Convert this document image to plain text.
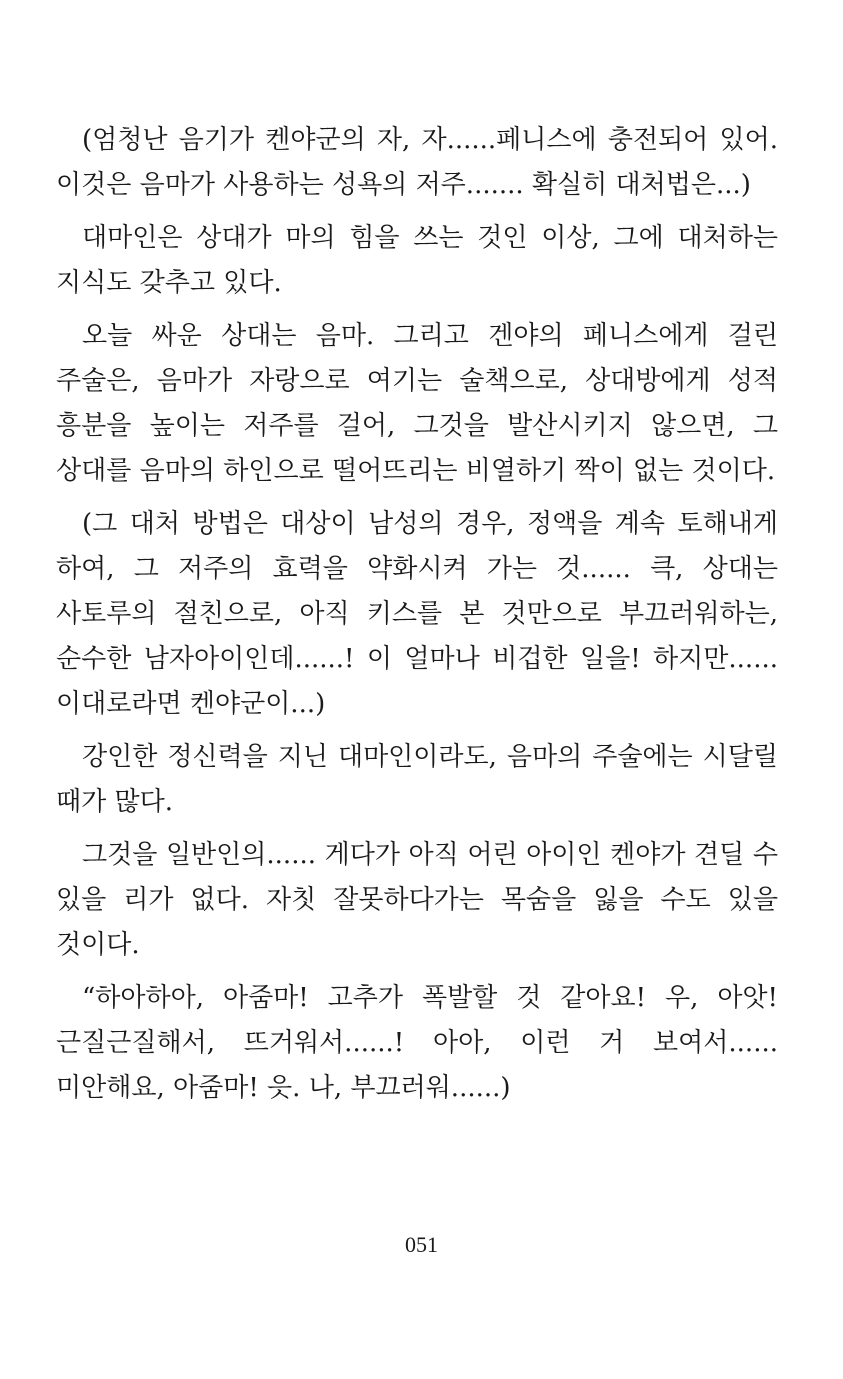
(엄청난 음기가 켄야군의 자, 자......페니스에 충전되어 있어. 이것은 음마가 사용하는 성욕의 저주....... 확실히 대처법은...)

대마인은 상대가 마의 힘을 쓰는 것인 이상, 그에 대처하는 지식도 갖추고 있다.

오늘 싸운 상대는 음마. 그리고 겐야의 페니스에게 걸린 주술은, 음마가 자랑으로 여기는 술책으로, 상대방에게 성적 흥분을 높이는 저주를 걸어, 그것을 발산시키지 않으면, 그 상대를 음마의 하인으로 떨어뜨리는 비열하기 짝이 없는 것이다.

(그 대처 방법은 대상이 남성의 경우, 정액을 계속 토해내게 하여, 그 저주의 효력을 약화시켜 가는 것...... 큭, 상대는 사토루의 절친으로, 아직 키스를 본 것만으로 부끄러워하는, 순수한 남자아이인데......! 이 얼마나 비겁한 일을! 하지만...... 이대로라면 켄야군이...)

강인한 정신력을 지닌 대마인이라도, 음마의 주술에는 시달릴 때가 많다.

그것을 일반인의...... 게다가 아직 어린 아이인 켄야가 견딜 수 있을 리가 없다. 자칫 잘못하다가는 목숨을 잃을 수도 있을 것이다.

“하아하아, 아줌마! 고추가 폭발할 것 같아요! 우, 아앗! 근질근질해서, 뜨거워서......! 아아, 이런 거 보여서...... 미안해요, 아줌마! 읏. 나, 부끄러워......)

051
